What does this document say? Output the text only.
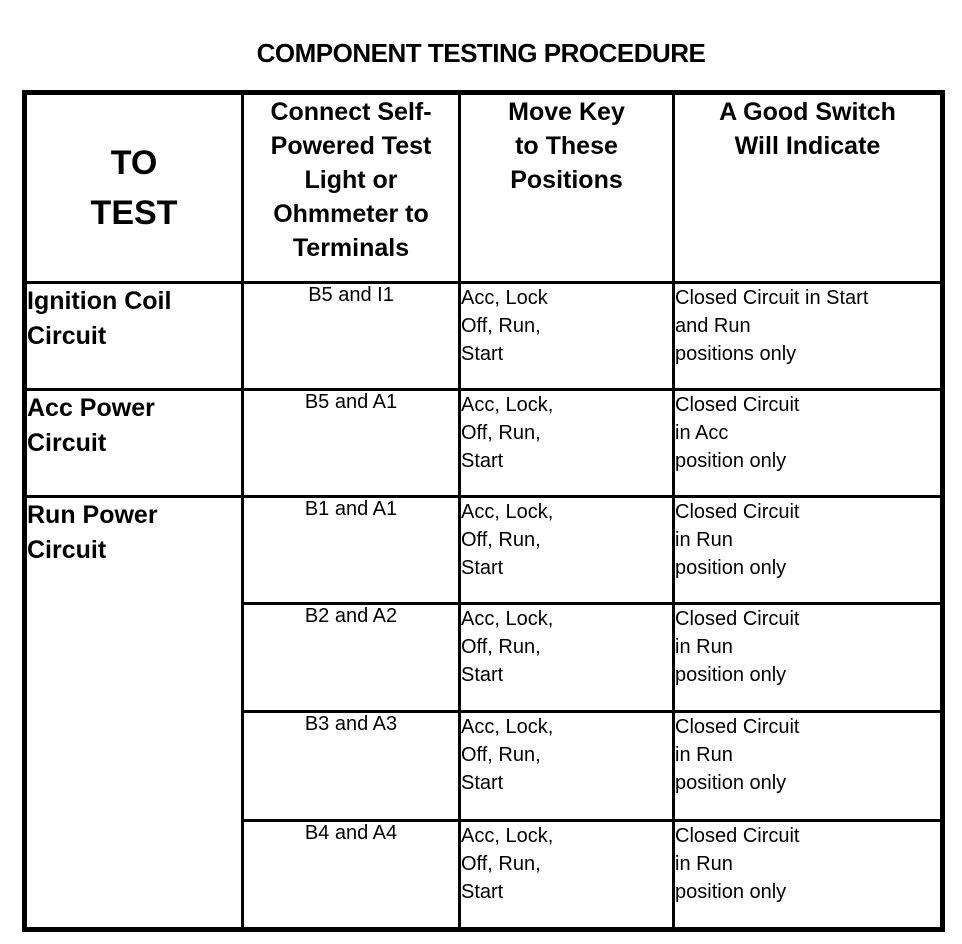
COMPONENT TESTING PROCEDURE
TO
TEST	Connect Self-
Powered Test
Light or
Ohmmeter to
Terminals	Move Key
to These
Positions	A Good Switch
Will Indicate

Ignition Coil
Circuit	B5 and I1	Acc, Lock
Off, Run,
Start	Closed Circuit in Start
and Run
positions only

Acc Power
Circuit	B5 and A1	Acc, Lock,
Off, Run,
Start	Closed Circuit
in Acc
position only

Run Power
Circuit	B1 and A1	Acc, Lock,
Off, Run,
Start	Closed Circuit
in Run
position only

	B2 and A2	Acc, Lock,
Off, Run,
Start	Closed Circuit
in Run
position only

	B3 and A3	Acc, Lock,
Off, Run,
Start	Closed Circuit
in Run
position only

	B4 and A4	Acc, Lock,
Off, Run,
Start	Closed Circuit
in Run
position only
